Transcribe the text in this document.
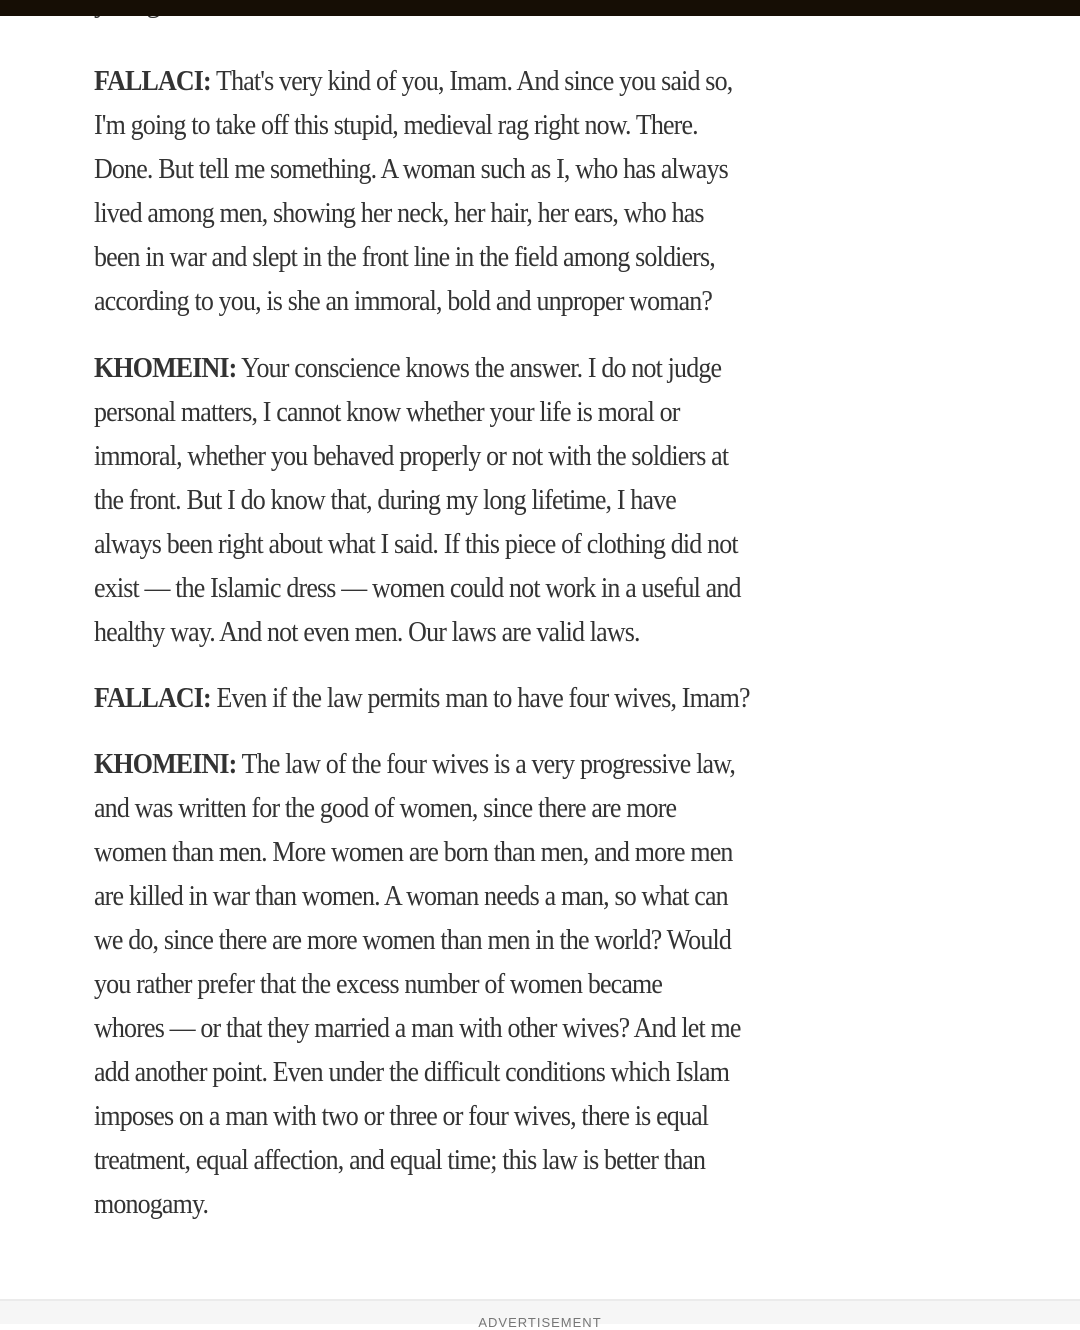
FALLACI: That's very kind of you, Imam. And since you said so,
I'm going to take off this stupid, medieval rag right now. There.
Done. But tell me something. A woman such as I, who has always
lived among men, showing her neck, her hair, her ears, who has
been in war and slept in the front line in the field among soldiers,
according to you, is she an immoral, bold and unproper woman?

KHOMEINI: Your conscience knows the answer. I do not judge
personal matters, I cannot know whether your life is moral or
immoral, whether you behaved properly or not with the soldiers at
the front. But I do know that, during my long lifetime, I have
always been right about what I said. If this piece of clothing did not
exist — the Islamic dress — women could not work in a useful and
healthy way. And not even men. Our laws are valid laws.

FALLACI: Even if the law permits man to have four wives, Imam?

KHOMEINI: The law of the four wives is a very progressive law,
and was written for the good of women, since there are more
women than men. More women are born than men, and more men
are killed in war than women. A woman needs a man, so what can
we do, since there are more women than men in the world? Would
you rather prefer that the excess number of women became
whores — or that they married a man with other wives? And let me
add another point. Even under the difficult conditions which Islam
imposes on a man with two or three or four wives, there is equal
treatment, equal affection, and equal time; this law is better than
monogamy.

ADVERTISEMENT
